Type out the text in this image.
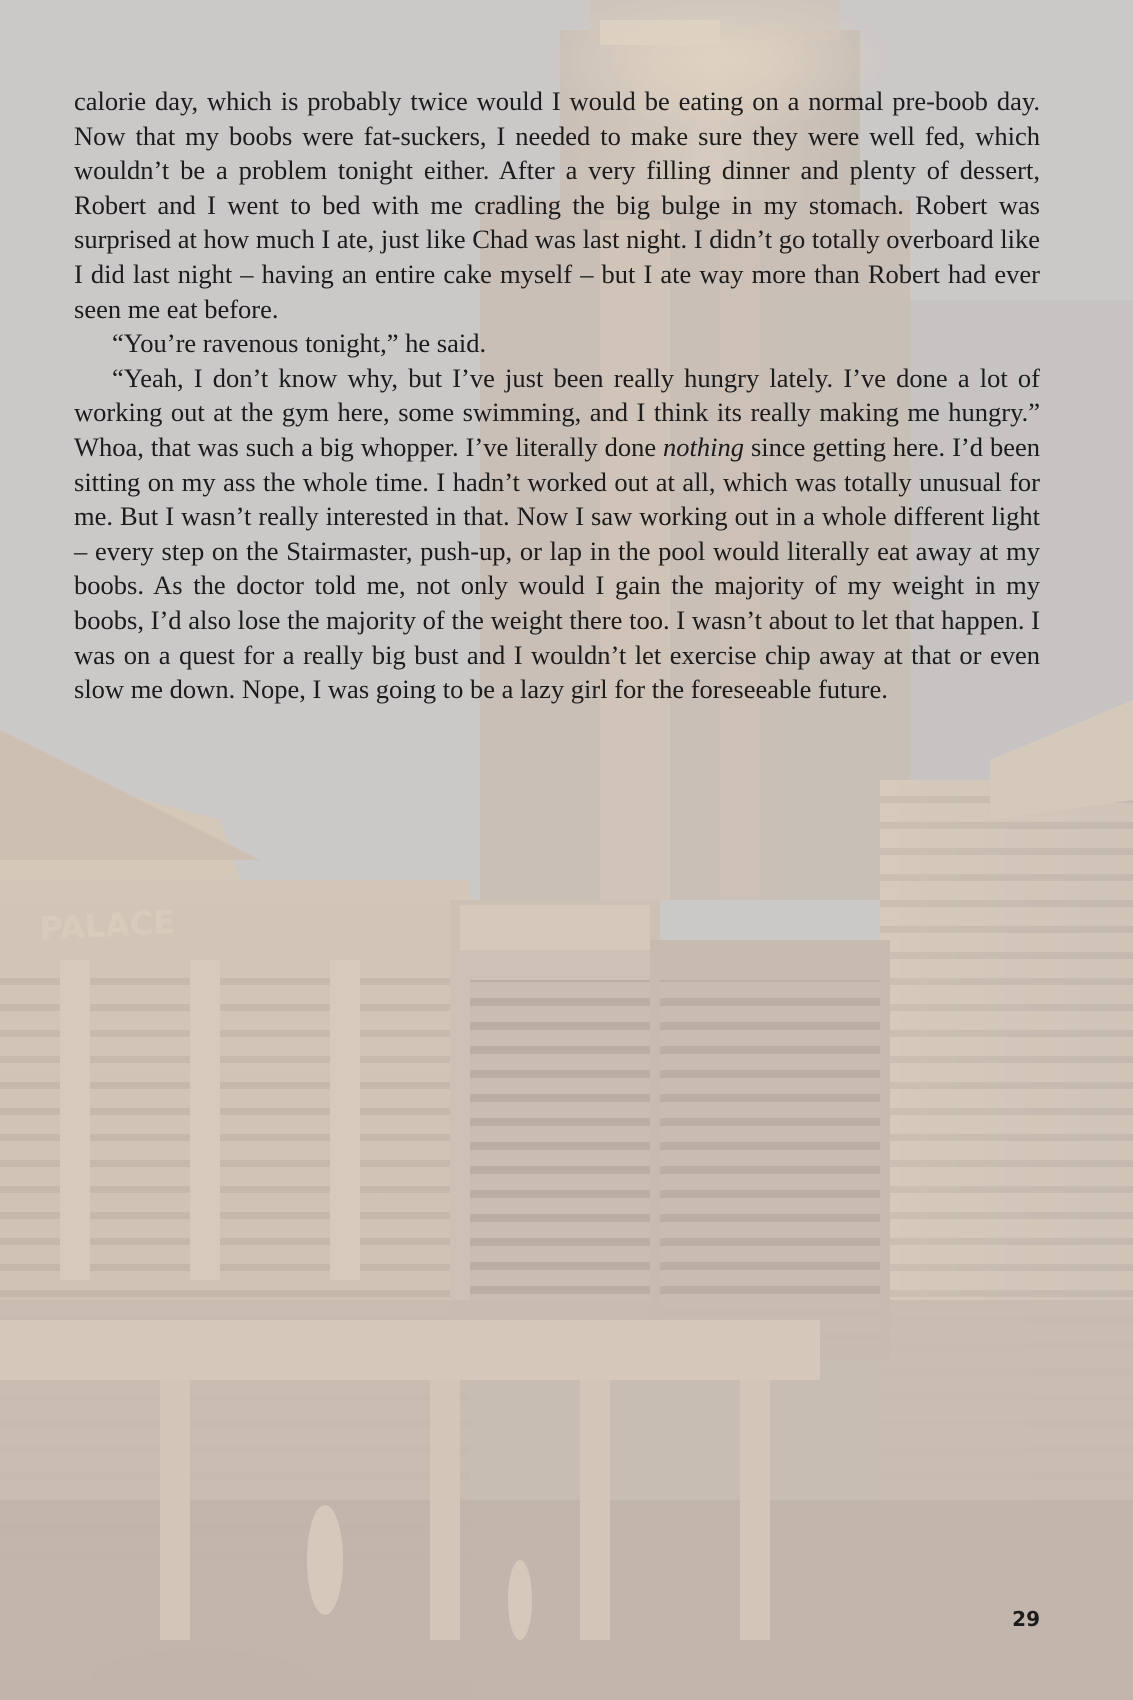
PALACE

calorie day, which is probably twice would I would be eating on a normal pre-boob day. Now that my boobs were fat-suckers, I needed to make sure they were well fed, which wouldn’t be a problem tonight either. After a very filling dinner and plenty of dessert, Robert and I went to bed with me cradling the big bulge in my stomach. Robert was surprised at how much I ate, just like Chad was last night. I didn’t go totally overboard like I did last night – having an entire cake myself – but I ate way more than Robert had ever seen me eat before.

“You’re ravenous tonight,” he said.

“Yeah, I don’t know why, but I’ve just been really hungry lately. I’ve done a lot of working out at the gym here, some swimming, and I think its really making me hungry.” Whoa, that was such a big whopper. I’ve literally done nothing since getting here. I’d been sitting on my ass the whole time. I hadn’t worked out at all, which was totally unusual for me. But I wasn’t really interested in that. Now I saw working out in a whole different light – every step on the Stairmaster, push-up, or lap in the pool would literally eat away at my boobs. As the doctor told me, not only would I gain the majority of my weight in my boobs, I’d also lose the majority of the weight there too. I wasn’t about to let that happen. I was on a quest for a really big bust and I wouldn’t let exercise chip away at that or even slow me down. Nope, I was going to be a lazy girl for the foreseeable future.

29
